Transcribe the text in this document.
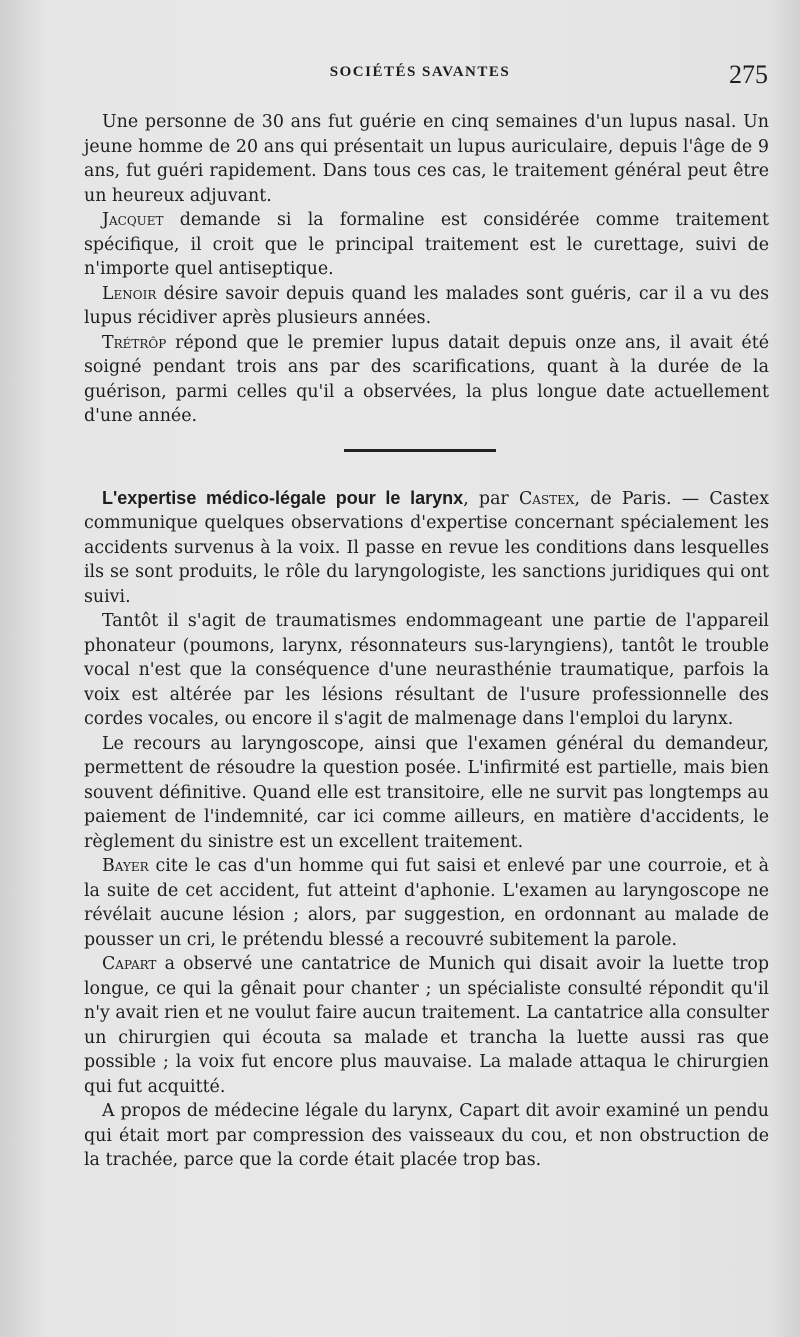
SOCIÉTÉS SAVANTES	275

Une personne de 30 ans fut guérie en cinq semaines d'un lupus nasal. Un jeune homme de 20 ans qui présentait un lupus auriculaire, depuis l'âge de 9 ans, fut guéri rapidement. Dans tous ces cas, le traitement général peut être un heureux adjuvant.

Jacquet demande si la formaline est considérée comme traitement spécifique, il croit que le principal traitement est le curettage, suivi de n'importe quel antiseptique.

Lenoir désire savoir depuis quand les malades sont guéris, car il a vu des lupus récidiver après plusieurs années.

Trétrôp répond que le premier lupus datait depuis onze ans, il avait été soigné pendant trois ans par des scarifications, quant à la durée de la guérison, parmi celles qu'il a observées, la plus longue date actuellement d'une année.

L'expertise médico-légale pour le larynx, par Castex, de Paris. — Castex communique quelques observations d'expertise concernant spécialement les accidents survenus à la voix. Il passe en revue les conditions dans lesquelles ils se sont produits, le rôle du laryngologiste, les sanctions juridiques qui ont suivi.

Tantôt il s'agit de traumatismes endommageant une partie de l'appareil phonateur (poumons, larynx, résonnateurs sus-laryngiens), tantôt le trouble vocal n'est que la conséquence d'une neurasthénie traumatique, parfois la voix est altérée par les lésions résultant de l'usure professionnelle des cordes vocales, ou encore il s'agit de malmenage dans l'emploi du larynx.

Le recours au laryngoscope, ainsi que l'examen général du demandeur, permettent de résoudre la question posée. L'infirmité est partielle, mais bien souvent définitive. Quand elle est transitoire, elle ne survit pas longtemps au paiement de l'indemnité, car ici comme ailleurs, en matière d'accidents, le règlement du sinistre est un excellent traitement.

Bayer cite le cas d'un homme qui fut saisi et enlevé par une courroie, et à la suite de cet accident, fut atteint d'aphonie. L'examen au laryngoscope ne révélait aucune lésion ; alors, par suggestion, en ordonnant au malade de pousser un cri, le prétendu blessé a recouvré subitement la parole.

Capart a observé une cantatrice de Munich qui disait avoir la luette trop longue, ce qui la gênait pour chanter ; un spécialiste consulté répondit qu'il n'y avait rien et ne voulut faire aucun traitement. La cantatrice alla consulter un chirurgien qui écouta sa malade et trancha la luette aussi ras que possible ; la voix fut encore plus mauvaise. La malade attaqua le chirurgien qui fut acquitté.

A propos de médecine légale du larynx, Capart dit avoir examiné un pendu qui était mort par compression des vaisseaux du cou, et non obstruction de la trachée, parce que la corde était placée trop bas.
